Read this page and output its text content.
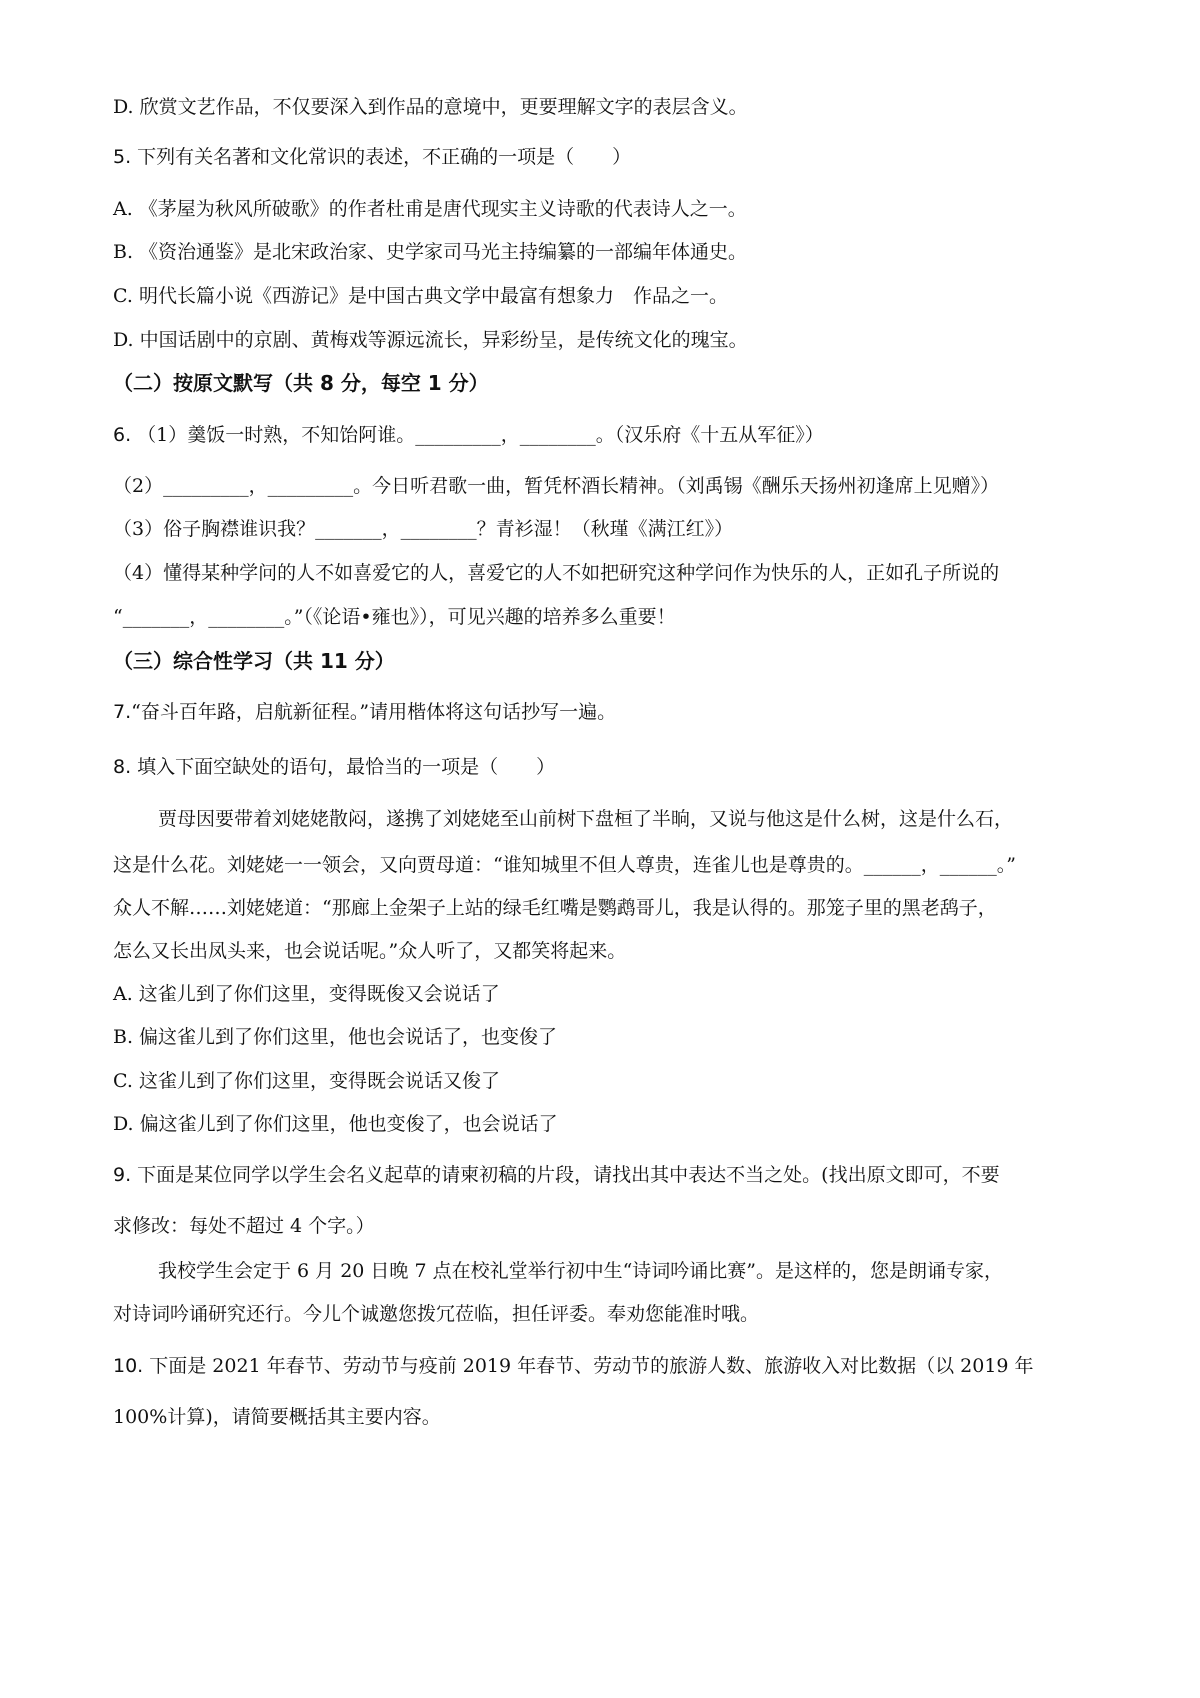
D. 欣赏文艺作品，不仅要深入到作品的意境中，更要理解文字的表层含义。
5. 下列有关名著和文化常识的表述，不正确的一项是（　　）
A. 《茅屋为秋风所破歌》的作者杜甫是唐代现实主义诗歌的代表诗人之一。
B. 《资治通鉴》是北宋政治家、史学家司马光主持编纂的一部编年体通史。
C. 明代长篇小说《西游记》是中国古典文学中最富有想象力　作品之一。
D. 中国话剧中的京剧、黄梅戏等源远流长，异彩纷呈，是传统文化的瑰宝。
（二）按原文默写（共 8 分，每空 1 分）
6. （1）羹饭一时熟，不知饴阿谁。_________，________。（汉乐府《十五从军征》）
（2）_________，_________。今日听君歌一曲，暂凭杯酒长精神。（刘禹锡《酬乐天扬州初逢席上见赠》）
（3）俗子胸襟谁识我？_______，________？青衫湿！（秋瑾《满江红》）
（4）懂得某种学问的人不如喜爱它的人，喜爱它的人不如把研究这种学问作为快乐的人，正如孔子所说的
“_______，________。”（《论语•雍也》），可见兴趣的培养多么重要！
（三）综合性学习（共 11 分）
7.“奋斗百年路，启航新征程。”请用楷体将这句话抄写一遍。
8. 填入下面空缺处的语句，最恰当的一项是（　　）
贾母因要带着刘姥姥散闷，遂携了刘姥姥至山前树下盘桓了半晌，又说与他这是什么树，这是什么石，
这是什么花。刘姥姥一一领会，又向贾母道：“谁知城里不但人尊贵，连雀儿也是尊贵的。______，______。”
众人不解……刘姥姥道：“那廊上金架子上站的绿毛红嘴是鹦鹉哥儿，我是认得的。那笼子里的黑老鸹子，
怎么又长出凤头来，也会说话呢。”众人听了，又都笑将起来。
A. 这雀儿到了你们这里，变得既俊又会说话了
B. 偏这雀儿到了你们这里，他也会说话了，也变俊了
C. 这雀儿到了你们这里，变得既会说话又俊了
D. 偏这雀儿到了你们这里，他也变俊了，也会说话了
9. 下面是某位同学以学生会名义起草的请柬初稿的片段，请找出其中表达不当之处。(找出原文即可，不要
求修改：每处不超过 4 个字。）
我校学生会定于 6 月 20 日晚 7 点在校礼堂举行初中生“诗词吟诵比赛”。是这样的，您是朗诵专家，
对诗词吟诵研究还行。今儿个诚邀您拨冗莅临，担任评委。奉劝您能准时哦。
10. 下面是 2021 年春节、劳动节与疫前 2019 年春节、劳动节的旅游人数、旅游收入对比数据（以 2019 年
100%计算)，请简要概括其主要内容。
